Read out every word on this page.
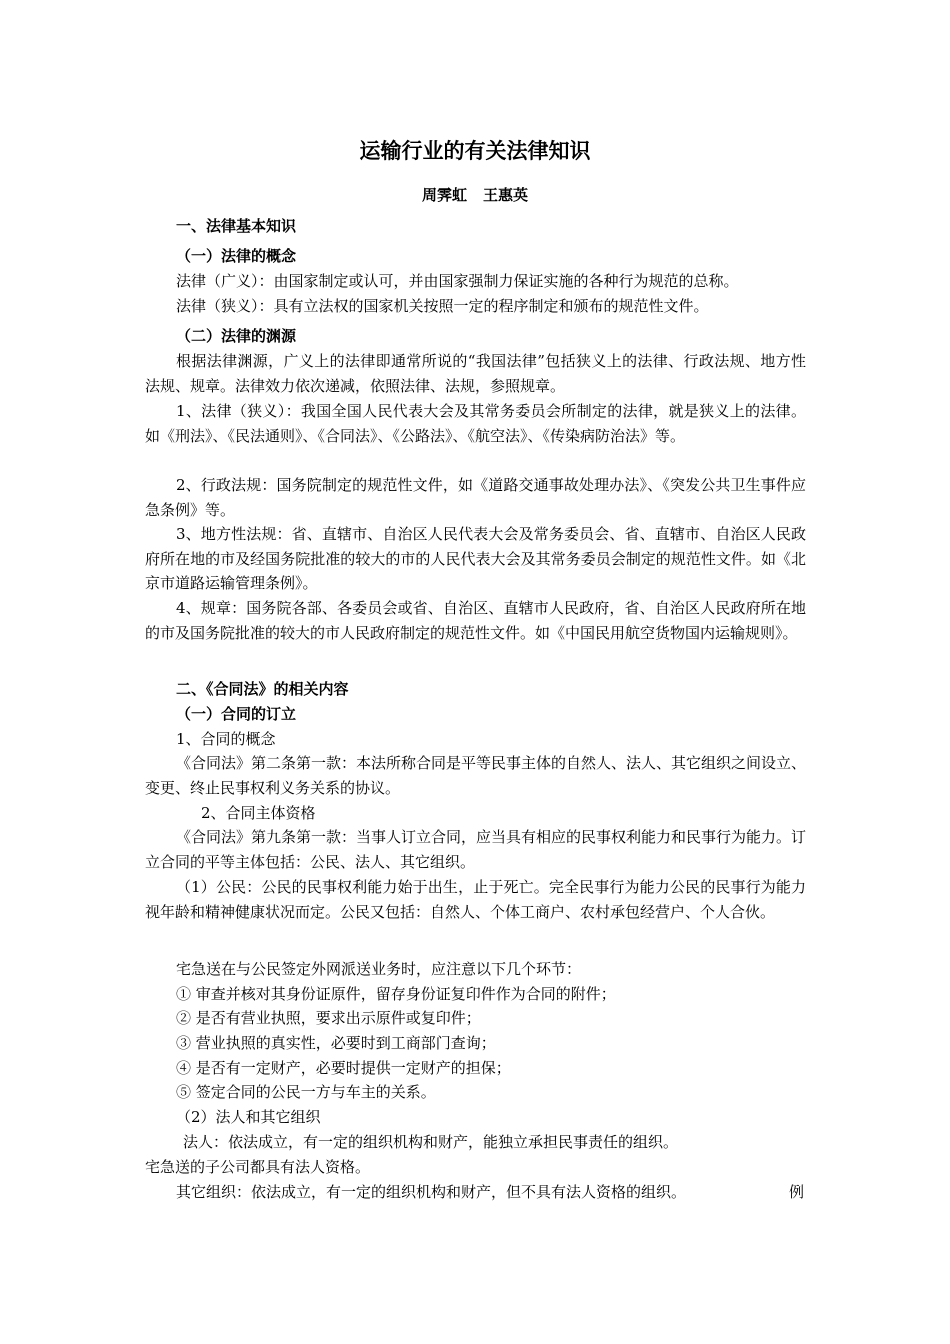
运输行业的有关法律知识
周霁虹 王惠英
一、法律基本知识
（一）法律的概念
法律（广义）：由国家制定或认可，并由国家强制力保证实施的各种行为规范的总称。
法律（狭义）：具有立法权的国家机关按照一定的程序制定和颁布的规范性文件。
（二）法律的渊源
根据法律渊源，广义上的法律即通常所说的“我国法律”包括狭义上的法律、行政法规、地方性法规、规章。法律效力依次递减，依照法律、法规，参照规章。
1、法律（狭义）：我国全国人民代表大会及其常务委员会所制定的法律，就是狭义上的法律。如《刑法》、《民法通则》、《合同法》、《公路法》、《航空法》、《传染病防治法》等。
2、行政法规：国务院制定的规范性文件，如《道路交通事故处理办法》、《突发公共卫生事件应急条例》等。
3、地方性法规：省、直辖市、自治区人民代表大会及常务委员会、省、直辖市、自治区人民政府所在地的市及经国务院批准的较大的市的人民代表大会及其常务委员会制定的规范性文件。如《北京市道路运输管理条例》。
4、规章：国务院各部、各委员会或省、自治区、直辖市人民政府，省、自治区人民政府所在地的市及国务院批准的较大的市人民政府制定的规范性文件。如《中国民用航空货物国内运输规则》。
二、《合同法》的相关内容
（一）合同的订立
1、合同的概念
《合同法》第二条第一款：本法所称合同是平等民事主体的自然人、法人、其它组织之间设立、变更、终止民事权利义务关系的协议。
2、合同主体资格
《合同法》第九条第一款：当事人订立合同，应当具有相应的民事权利能力和民事行为能力。订立合同的平等主体包括：公民、法人、其它组织。
（1）公民：公民的民事权利能力始于出生，止于死亡。完全民事行为能力公民的民事行为能力视年龄和精神健康状况而定。公民又包括：自然人、个体工商户、农村承包经营户、个人合伙。
宅急送在与公民签定外网派送业务时，应注意以下几个环节：
① 审查并核对其身份证原件，留存身份证复印件作为合同的附件；
② 是否有营业执照，要求出示原件或复印件；
③ 营业执照的真实性，必要时到工商部门查询；
④ 是否有一定财产，必要时提供一定财产的担保；
⑤ 签定合同的公民一方与车主的关系。
（2）法人和其它组织
法人：依法成立，有一定的组织机构和财产，能独立承担民事责任的组织。
宅急送的子公司都具有法人资格。
其它组织：依法成立，有一定的组织机构和财产，但不具有法人资格的组织。	例
